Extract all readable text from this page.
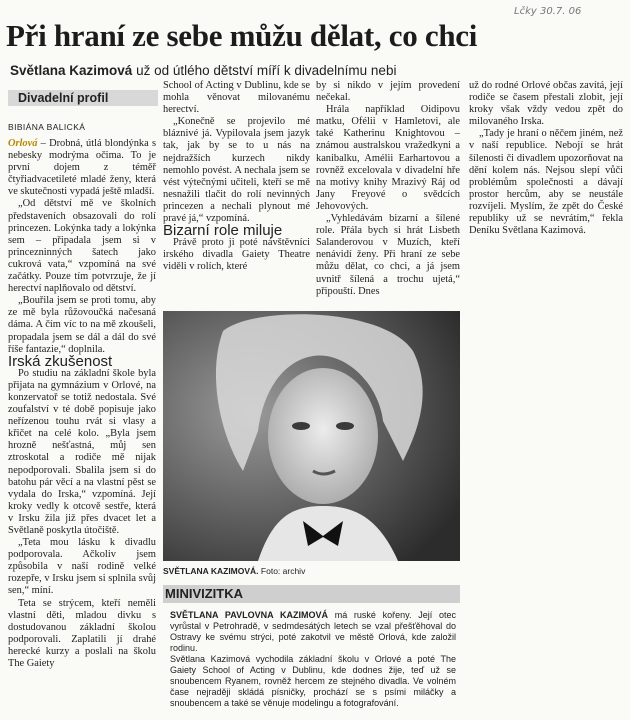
Lčky 30.7. 06
Při hraní ze sebe můžu dělat, co chci
Světlana Kazimová už od útlého dětství míří k divadelnímu nebi
Divadelní profil
BIBIÁNA BALICKÁ

Orlová – Drobná, útlá blondýnka s nebesky modrýma očima. To je první dojem z téměř čtyřiadvacetileté mladé ženy, která ve skutečnosti vypadá ještě mladší.

„Od dětství mě ve školních představeních obsazovali do rolí princezen. Lokýnka tady a lokýnka sem – připadala jsem si v princezninných šatech jako cukrová vata,“ vzpomíná na své začátky. Pouze tím potvrzuje, že jí herectví naplňovalo od dětství.

„Bouřila jsem se proti tomu, aby ze mě byla růžovoučká načesaná dáma. A čím víc to na mě zkoušeli, propadala jsem se dál a dál do své říše fantazie,“ doplnila.

Irská zkušenost

Po studiu na základní škole byla přijata na gymnázium v Orlové, na konzervatoř se totiž nedostala. Své zoufalství v té době popisuje jako neřízenou touhu rvát si vlasy a křičet na celé kolo. „Byla jsem hrozně nešťastná, můj sen ztroskotal a rodiče mě nijak nepodporovali. Sbalila jsem si do batohu pár věcí a na vlastní pěst se vydala do Irska,“ vzpomíná. Její kroky vedly k otcově sestře, která v Irsku žila již přes dvacet let a Světlaně poskytla útočiště.

„Teta mou lásku k divadlu podporovala. Ačkoliv jsem způsobila v naší rodině velké rozepře, v Irsku jsem si splnila svůj sen,“ míní.

Teta se strýcem, kteří neměli vlastní děti, mladou divku s dostudovanou základní školou podporovali. Zaplatili jí drahé herecké kurzy a poslali na školu The Gaiety

School of Acting v Dublinu, kde se mohla věnovat milovanému herectví.

„Konečně se projevilo mé bláznivé já. Vypilovala jsem jazyk tak, jak by se to u nás na nejdražších kurzech nikdy nemohlo povést. A nechala jsem se vést výtečnými učiteli, kteří se mě nesnažili tlačit do rolí nevinných princezen a nechali plynout mé pravé já,“ vzpomíná.

Bizarní role miluje

Právě proto ji poté návštěvníci irského divadla Gaiety Theatre viděli v rolích, které

by si nikdo v jejím provedení nečekal.

Hrála například Oidipovu matku, Ofélii v Hamletovi, ale také Katherinu Knightovou – známou australskou vražedkyni a kanibalku, Amélii Earhartovou a rovněž excelovala v divadelní hře na motivy knihy Mrazivý Ráj od Jany Freyové o svědcích Jehovových.

„Vyhledávám bizarní a šílené role. Přála bych si hrát Lisbeth Salanderovou v Muzích, kteří nenávidí ženy. Při hraní ze sebe můžu dělat, co chci, a já jsem uvnitř šílená a trochu ujetá,“ připouští. Dnes

už do rodné Orlové občas zavítá, její rodiče se časem přestali zlobit, její kroky však vždy vedou zpět do milovaného Irska.

„Tady je hraní o něčem jiném, než v naší republice. Nebojí se hrát šílenosti či divadlem upozorňovat na dění kolem nás. Nejsou slepí vůči problémům společnosti a dávají prostor hercům, aby se neustále rozvíjeli. Myslím, že zpět do České republiky už se nevrátím,“ řekla Deníku Světlana Kazimová.

SVĚTLANA KAZIMOVÁ. Foto: archiv
MINIVIZITKA
SVĚTLANA PAVLOVNA KAZIMOVÁ má ruské kořeny. Její otec vyrůstal v Petrohradě, v sedmdesátých letech se vzal přešťěhoval do Ostravy ke svému strýci, poté zakotvil ve městě Orlová, kde založil rodinu.
Světlana Kazimová vychodila základní školu v Orlové a poté The Gaiety School of Acting v Dublinu, kde dodnes žije, teď už se snoubencem Ryanem, rovněž hercem ze stejného divadla. Ve volném čase nejraději skládá písničky, prochází se s psími miláčky a snoubencem a také se věnuje modelingu a fotografování.
